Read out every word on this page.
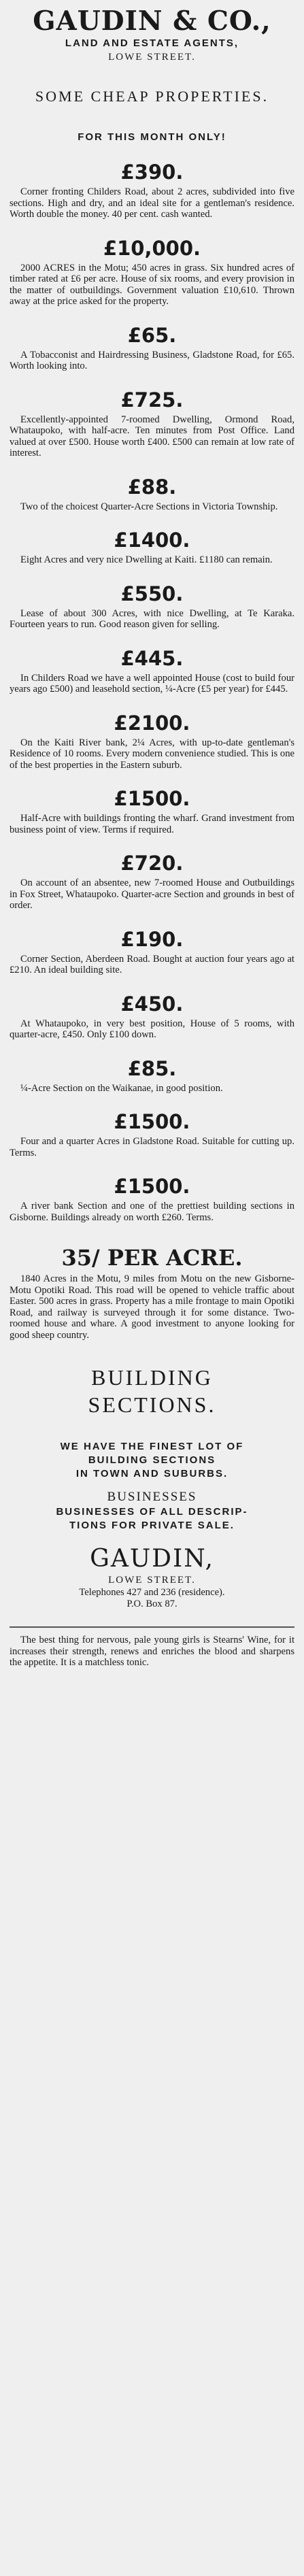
GAUDIN & CO.,

LAND AND ESTATE AGENTS,

LOWE STREET.

SOME CHEAP PROPERTIES.

FOR THIS MONTH ONLY!

£390.

Corner fronting Childers Road, about 2 acres, subdivided into five sections. High and dry, and an ideal site for a gentleman's residence. Worth double the money. 40 per cent. cash wanted.

£10,000.

2000 ACRES in the Motu; 450 acres in grass. Six hundred acres of timber rated at £6 per acre. House of six rooms, and every provision in the matter of outbuildings. Government valuation £10,610. Thrown away at the price asked for the property.

£65.

A Tobacconist and Hairdressing Business, Gladstone Road, for £65. Worth looking into.

£725.

Excellently-appointed 7-roomed Dwelling, Ormond Road, Whataupoko, with half-acre. Ten minutes from Post Office. Land valued at over £500. House worth £400. £500 can remain at low rate of interest.

£88.

Two of the choicest Quarter-Acre Sections in Victoria Township.

£1400.

Eight Acres and very nice Dwelling at Kaiti. £1180 can remain.

£550.

Lease of about 300 Acres, with nice Dwelling, at Te Karaka. Fourteen years to run. Good reason given for selling.

£445.

In Childers Road we have a well appointed House (cost to build four years ago £500) and leasehold section, ¼-Acre (£5 per year) for £445.

£2100.

On the Kaiti River bank, 2¼ Acres, with up-to-date gentleman's Residence of 10 rooms. Every modern convenience studied. This is one of the best properties in the Eastern suburb.

£1500.

Half-Acre with buildings fronting the wharf. Grand investment from business point of view. Terms if required.

£720.

On account of an absentee, new 7-roomed House and Outbuildings in Fox Street, Whataupoko. Quarter-acre Section and grounds in best of order.

£190.

Corner Section, Aberdeen Road. Bought at auction four years ago at £210. An ideal building site.

£450.

At Whataupoko, in very best position, House of 5 rooms, with quarter-acre, £450. Only £100 down.

£85.

¼-Acre Section on the Waikanae, in good position.

£1500.

Four and a quarter Acres in Gladstone Road. Suitable for cutting up. Terms.

£1500.

A river bank Section and one of the prettiest building sections in Gisborne. Buildings already on worth £260. Terms.

35/ PER ACRE.

1840 Acres in the Motu, 9 miles from Motu on the new Gisborne-Motu Opotiki Road. This road will be opened to vehicle traffic about Easter. 500 acres in grass. Property has a mile frontage to main Opotiki Road, and railway is surveyed through it for some distance. Two-roomed house and whare. A good investment to anyone looking for good sheep country.

BUILDING

SECTIONS.

WE HAVE THE FINEST LOT OF

BUILDING SECTIONS

IN TOWN AND SUBURBS.

BUSINESSES

BUSINESSES OF ALL DESCRIP-

TIONS FOR PRIVATE SALE.

GAUDIN,

LOWE STREET.

Telephones 427 and 236 (residence).

P.O. Box 87.

The best thing for nervous, pale young girls is Stearns' Wine, for it increases their strength, renews and enriches the blood and sharpens the appetite. It is a matchless tonic.
